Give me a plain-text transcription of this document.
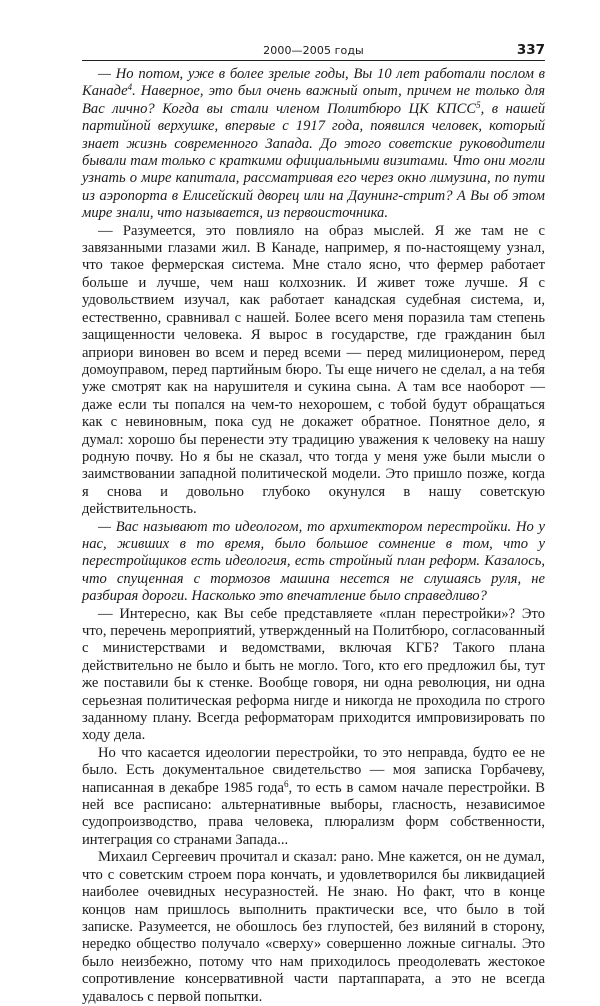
2000—2005 годы	337

— Но потом, уже в более зрелые годы, Вы 10 лет работали послом в Канаде$^4$. Наверное, это был очень важный опыт, причем не только для Вас лично? Когда вы стали членом Политбюро ЦК КПСС$^5$, в нашей партийной верхушке, впервые с 1917 года, появился человек, который знает жизнь современного Запада. До этого советские руководители бывали там только с краткими официальными визитами. Что они могли узнать о мире капитала, рассматривая его через окно лимузина, по пути из аэропорта в Елисейский дворец или на Даунинг-стрит? А Вы об этом мире знали, что называется, из первоисточника.

— Разумеется, это повлияло на образ мыслей. Я же там не с завязанными глазами жил. В Канаде, например, я по-настоящему узнал, что такое фермерская система. Мне стало ясно, что фермер работает больше и лучше, чем наш колхозник. И живет тоже лучше. Я с удовольствием изучал, как работает канадская судебная система, и, естественно, сравнивал с нашей. Более всего меня поразила там степень защищенности человека. Я вырос в государстве, где гражданин был априори виновен во всем и перед всеми — перед милиционером, перед домоуправом, перед партийным бюро. Ты еще ничего не сделал, а на тебя уже смотрят как на нарушителя и сукина сына. А там все наоборот — даже если ты попался на чем-то нехорошем, с тобой будут обращаться как с невиновным, пока суд не докажет обратное. Понятное дело, я думал: хорошо бы перенести эту традицию уважения к человеку на нашу родную почву. Но я бы не сказал, что тогда у меня уже были мысли о заимствовании западной политической модели. Это пришло позже, когда я снова и довольно глубоко окунулся в нашу советскую действительность.

— Вас называют то идеологом, то архитектором перестройки. Но у нас, живших в то время, было большое сомнение в том, что у перестройщиков есть идеология, есть стройный план реформ. Казалось, что спущенная с тормозов машина несется не слушаясь руля, не разбирая дороги. Насколько это впечатление было справедливо?

— Интересно, как Вы себе представляете «план перестройки»? Это что, перечень мероприятий, утвержденный на Политбюро, согласованный с министерствами и ведомствами, включая КГБ? Такого плана действительно не было и быть не могло. Того, кто его предложил бы, тут же поставили бы к стенке. Вообще говоря, ни одна революция, ни одна серьезная политическая реформа нигде и никогда не проходила по строго заданному плану. Всегда реформаторам приходится импровизировать по ходу дела.

Но что касается идеологии перестройки, то это неправда, будто ее не было. Есть документальное свидетельство — моя записка Горбачеву, написанная в декабре 1985 года$^6$, то есть в самом начале перестройки. В ней все расписано: альтернативные выборы, гласность, независимое судопроизводство, права человека, плюрализм форм собственности, интеграция со странами Запада...

Михаил Сергеевич прочитал и сказал: рано. Мне кажется, он не думал, что с советским строем пора кончать, и удовлетворился бы ликвидацией наиболее очевидных несуразностей. Не знаю. Но факт, что в конце концов нам пришлось выполнить практически все, что было в той записке. Разумеется, не обошлось без глупостей, без виляний в сторону, нередко общество получало «сверху» совершенно ложные сигналы. Это было неизбежно, потому что нам приходилось преодолевать жестокое сопротивление консервативной части партаппарата, а это не всегда удавалось с первой попытки.
